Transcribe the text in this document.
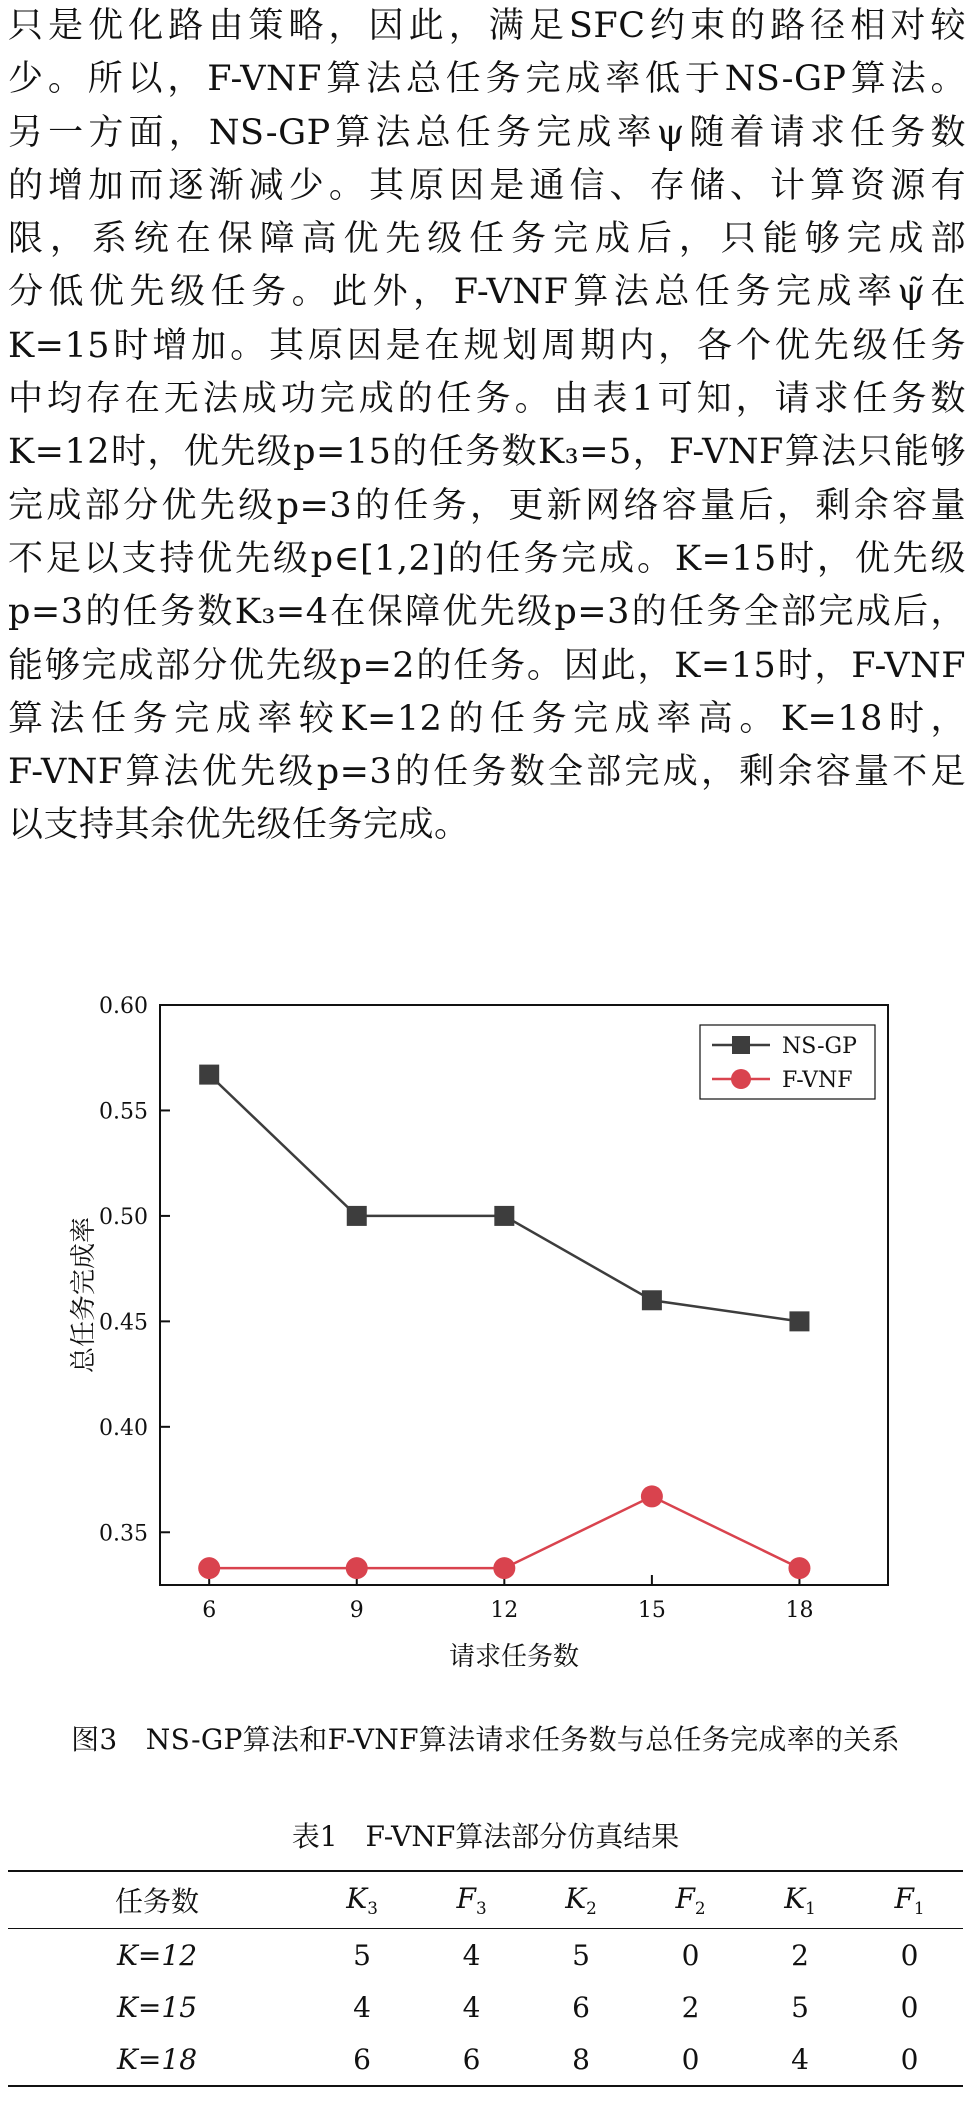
只是优化路由策略，因此，满足SFC约束的路径相对较
少。所以，F-VNF算法总任务完成率低于NS-GP算法。
另一方面，NS-GP算法总任务完成率ψ随着请求任务数
的增加而逐渐减少。其原因是通信、存储、计算资源有
限，系统在保障高优先级任务完成后，只能够完成部
分低优先级任务。此外，F-VNF算法总任务完成率ψ̃在
K=15时增加。其原因是在规划周期内，各个优先级任务
中均存在无法成功完成的任务。由表1可知，请求任务数
K=12时，优先级p=15的任务数K₃=5，F-VNF算法只能够
完成部分优先级p=3的任务，更新网络容量后，剩余容量
不足以支持优先级p∈[1,2]的任务完成。K=15时，优先级
p=3的任务数K₃=4在保障优先级p=3的任务全部完成后，
能够完成部分优先级p=2的任务。因此，K=15时，F-VNF
算法任务完成率较K=12的任务完成率高。K=18时，
F-VNF算法优先级p=3的任务数全部完成，剩余容量不足
以支持其余优先级任务完成。
0.60
0.55
0.50
0.45
0.40
0.35
6	9	12	15	18
请求任务数
总任务完成率
NS-GP
F-VNF
图3　NS-GP算法和F-VNF算法请求任务数与总任务完成率的关系
表1　F-VNF算法部分仿真结果
任务数	$K_3$	$F_3$	$K_2$	$F_2$	$K_1$	$F_1$
K=12	5	4	5	0	2	0
K=15	4	4	6	2	5	0
K=18	6	6	8	0	4	0
